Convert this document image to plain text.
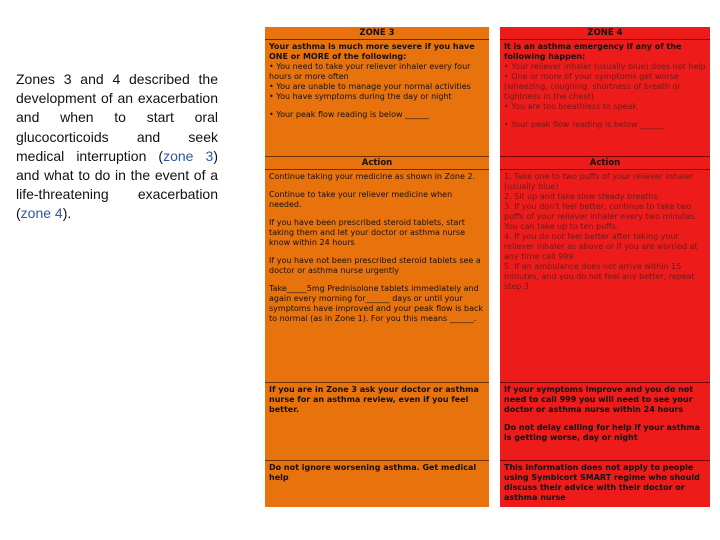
Zones 3 and 4 described the development of an exacerbation and when to start oral glucocorticoids and seek medical interruption (zone 3) and what to do in the event of a life-threatening exacerbation (zone 4).
ZONE 3
Your asthma is much more severe if you have ONE or MORE of the following:
• You need to take your reliever inhaler every four hours or more often
• You are unable to manage your normal activities
• You have symptoms during the day or night
• Your peak flow reading is below ______
Action
Continue taking your medicine as shown in Zone 2.
Continue to take your reliever medicine when needed.
If you have been prescribed steroid tablets, start taking them and let your doctor or asthma nurse know within 24 hours
If you have not been prescribed steroid tablets see a doctor or asthma nurse urgently
Take_____5mg Prednisolone tablets immediately and again every morning for______ days or until your symptoms have improved and your peak flow is back to normal (as in Zone 1). For you this means ______.
If you are in Zone 3 ask your doctor or asthma nurse for an asthma review, even if you feel better.
Do not ignore worsening asthma. Get medical help
ZONE 4
It is an asthma emergency if any of the following happen:
• Your reliever inhaler (usually blue) does not help
• One or more of your symptoms get worse (wheezing, coughing, shortness of breath or tightness in the chest)
• You are too breathless to speak
• Your peak flow reading is below ______
Action
1. Take one to two puffs of your reliever inhaler (usually blue)
2. Sit up and take slow steady breaths
3. If you don't feel better, continue to take two puffs of your reliever inhaler every two minutes. You can take up to ten puffs.
4. If you do not feel better after taking your reliever inhaler as above or if you are worried at any time call 999
5. If an ambulance does not arrive within 15 minutes, and you do not feel any better, repeat step 3
If your symptoms improve and you do not need to call 999 you will need to see your doctor or asthma nurse within 24 hours
Do not delay calling for help if your asthma is getting worse, day or night
This information does not apply to people using Symbicort SMART regime who should discuss their advice with their doctor or asthma nurse
